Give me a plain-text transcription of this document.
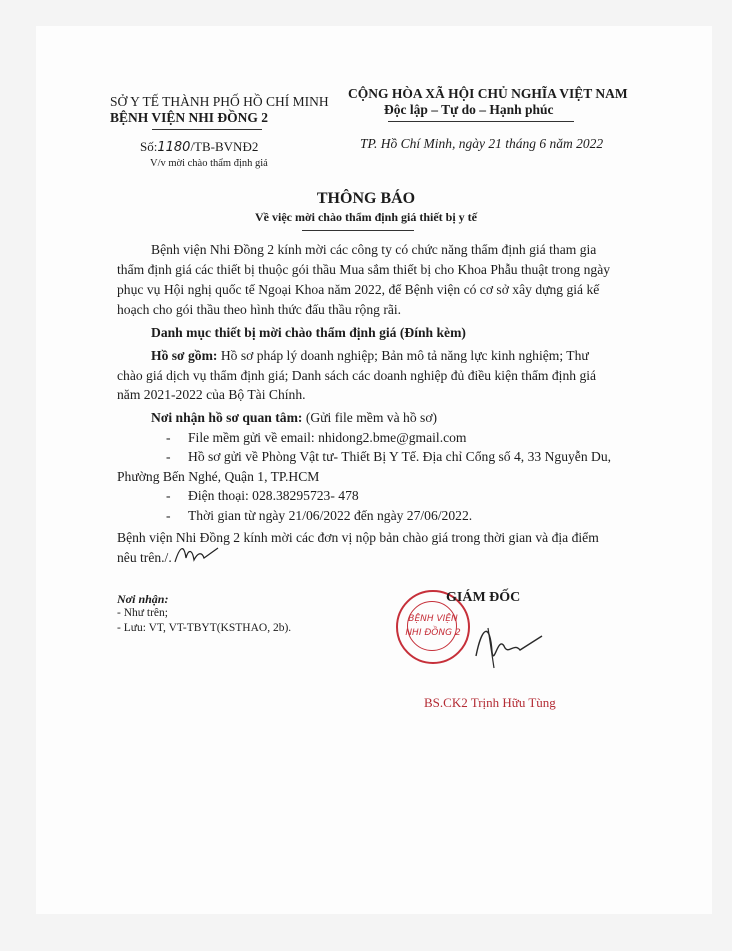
SỞ Y TẾ THÀNH PHỐ HỒ CHÍ MINH
BỆNH VIỆN NHI ĐỒNG 2
Số:1180/TB-BVNĐ2
V/v mời chào thẩm định giá
CỘNG HÒA XÃ HỘI CHỦ NGHĨA VIỆT NAM
Độc lập – Tự do – Hạnh phúc
TP. Hồ Chí Minh, ngày 21 tháng 6 năm 2022
THÔNG BÁO
Về việc mời chào thẩm định giá thiết bị y tế
Bệnh viện Nhi Đồng 2 kính mời các công ty có chức năng thẩm định giá tham gia
thẩm định giá các thiết bị thuộc gói thầu Mua sắm thiết bị cho Khoa Phẫu thuật trong ngày
phục vụ Hội nghị quốc tế Ngoại Khoa năm 2022, để Bệnh viện có cơ sở xây dựng giá kế
hoạch cho gói thầu theo hình thức đấu thầu rộng rãi.
Danh mục thiết bị mời chào thẩm định giá (Đính kèm)
Hồ sơ gồm: Hồ sơ pháp lý doanh nghiệp; Bản mô tả năng lực kinh nghiệm; Thư
chào giá dịch vụ thẩm định giá; Danh sách các doanh nghiệp đủ điều kiện thẩm định giá
năm 2021-2022 của Bộ Tài Chính.
Nơi nhận hồ sơ quan tâm: (Gửi file mềm và hồ sơ)
- File mềm gửi về email: nhidong2.bme@gmail.com
- Hồ sơ gửi về Phòng Vật tư- Thiết Bị Y Tế. Địa chỉ Cổng số 4, 33 Nguyễn Du,
Phường Bến Nghé, Quận 1, TP.HCM
- Điện thoại: 028.38295723- 478
- Thời gian từ ngày 21/06/2022 đến ngày 27/06/2022.
Bệnh viện Nhi Đồng 2 kính mời các đơn vị nộp bản chào giá trong thời gian và địa điểm
nêu trên./.
Nơi nhận:
- Như trên;
- Lưu: VT, VT-TBYT(KSTHAO, 2b).
BỆNH VIỆN
NHI ĐỒNG 2
GIÁM ĐỐC
BS.CK2 Trịnh Hữu Tùng
